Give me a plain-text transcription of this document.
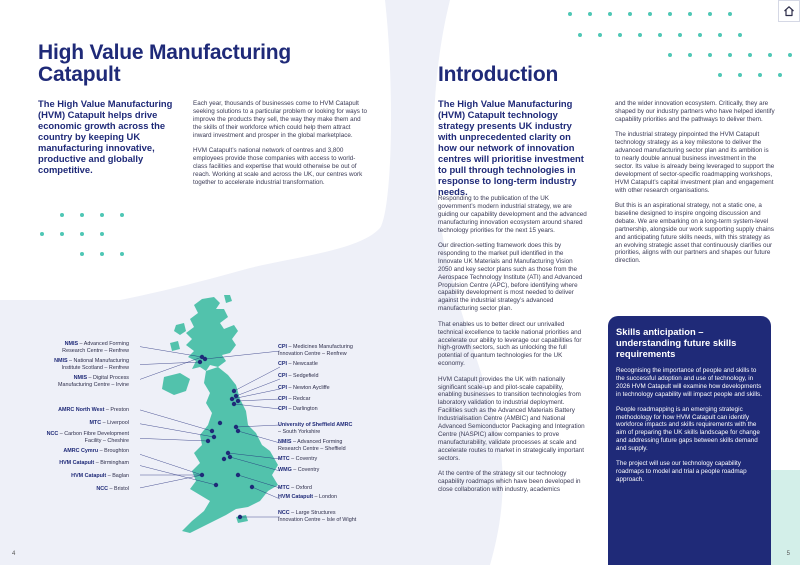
High Value Manufacturing
Catapult
The High Value Manufacturing (HVM) Catapult helps drive economic growth across the country by keeping UK manufacturing innovative, productive and globally competitive.

Each year, thousands of businesses come to HVM Catapult seeking solutions to a particular problem or looking for ways to improve the products they sell, the way they make them and the skills of their workforce which could help them attract inward investment and prosper in the global marketplace.

HVM Catapult’s national network of centres and 3,800 employees provide those companies with access to world-class facilities and expertise that would otherwise be out of reach. Working at scale and across the UK, our centres work together to accelerate industrial transformation.

NMIS – Advanced Forming
Research Centre – Renfrew
NMIS – National Manufacturing
Institute Scotland – Renfrew
NMIS – Digital Process
Manufacturing Centre – Irvine
AMRC North West – Preston
MTC – Liverpool
NCC – Carbon Fibre Development
Facility – Cheshire
AMRC Cymru – Broughton
HVM Catapult – Birmingham
HVM Catapult – Baglan
NCC – Bristol
CPI – Medicines Manufacturing
Innovation Centre – Renfrew
CPI – Newcastle
CPI – Sedgefield
CPI – Newton Aycliffe
CPI – Redcar
CPI – Darlington
University of Sheffield AMRC
– South Yorkshire
NMIS – Advanced Forming
Research Centre – Sheffield
MTC – Coventry
WMG – Coventry
MTC – Oxford
HVM Catapult – London
NCC – Large Structures
Innovation Centre – Isle of Wight
4
Introduction
The High Value Manufacturing (HVM) Catapult technology strategy presents UK industry with unprecedented clarity on how our network of innovation centres will prioritise investment to pull through technologies in response to long-term industry needs.

Responding to the publication of the UK government’s modern industrial strategy, we are guiding our capability development and the advanced manufacturing innovation ecosystem around shared technology priorities for the next 15 years.

Our direction-setting framework does this by responding to the market pull identified in the Innovate UK Materials and Manufacturing Vision 2050 and key sector plans such as those from the Aerospace Technology Institute (ATI) and Advanced Propulsion Centre (APC), before identifying where capability development is most needed to deliver against the industrial strategy’s advanced manufacturing sector plan.

That enables us to better direct our unrivalled technical excellence to tackle national priorities and accelerate our ability to leverage our capabilities for high-growth sectors, such as unlocking the full potential of quantum technologies for the UK economy.

HVM Catapult provides the UK with nationally significant scale-up and pilot-scale capability, enabling businesses to transition technologies from laboratory validation to industrial deployment. Facilities such as the Advanced Materials Battery Industrialisation Centre (AMBIC) and National Advanced Semiconductor Packaging and Integration Centre (NASPIC) allow companies to prove manufacturability, validate processes at scale and accelerate routes to market in strategically important sectors.

At the centre of the strategy sit our technology capability roadmaps which have been developed in close collaboration with industry, academics

and the wider innovation ecosystem. Critically, they are shaped by our industry partners who have helped identify capability priorities and the pathways to deliver them.

The industrial strategy pinpointed the HVM Catapult technology strategy as a key milestone to deliver the advanced manufacturing sector plan and its ambition is to nearly double annual business investment in the sector. Its value is already being leveraged to support the development of sector-specific roadmapping workshops, HVM Catapult’s capital investment plan and engagement with other research organisations.

But this is an aspirational strategy, not a static one, a baseline designed to inspire ongoing discussion and debate. We are embarking on a long-term system-level partnership, alongside our work supporting supply chains and anticipating future skills needs, with this strategy as an evolving strategic asset that continuously clarifies our priorities, aligns with our partners and shapes our future direction.

5
Skills anticipation – understanding future skills requirements

Recognising the importance of people and skills to the successful adoption and use of technology, in 2026 HVM Catapult will examine how developments in technology capability will impact people and skills.

People roadmapping is an emerging strategic methodology for how HVM Catapult can identify workforce impacts and skills requirements with the aim of preparing the UK skills landscape for change and addressing future gaps between skills demand and supply.

The project will use our technology capability roadmaps to model and trial a people roadmap approach.
